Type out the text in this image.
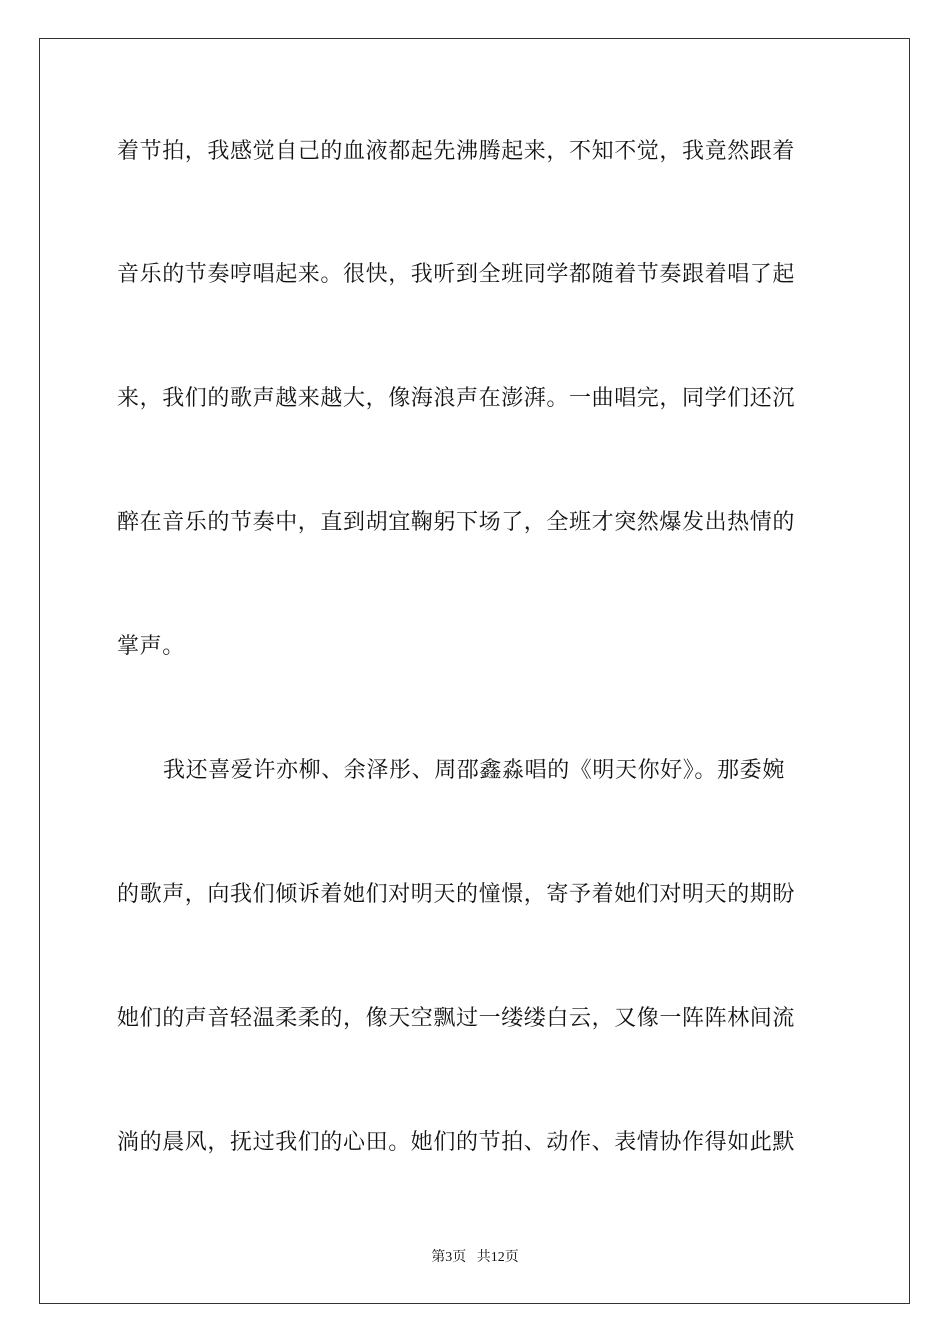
着节拍，我感觉自己的血液都起先沸腾起来，不知不觉，我竟然跟着
音乐的节奏哼唱起来。很快，我听到全班同学都随着节奏跟着唱了起
来，我们的歌声越来越大，像海浪声在澎湃。一曲唱完，同学们还沉
醉在音乐的节奏中，直到胡宜鞠躬下场了，全班才突然爆发出热情的
掌声。
我还喜爱许亦柳、余泽彤、周邵鑫淼唱的《明天你好》。那委婉
的歌声，向我们倾诉着她们对明天的憧憬，寄予着她们对明天的期盼
她们的声音轻温柔柔的，像天空飘过一缕缕白云，又像一阵阵林间流
淌的晨风，抚过我们的心田。她们的节拍、动作、表情协作得如此默
第3页 共12页
